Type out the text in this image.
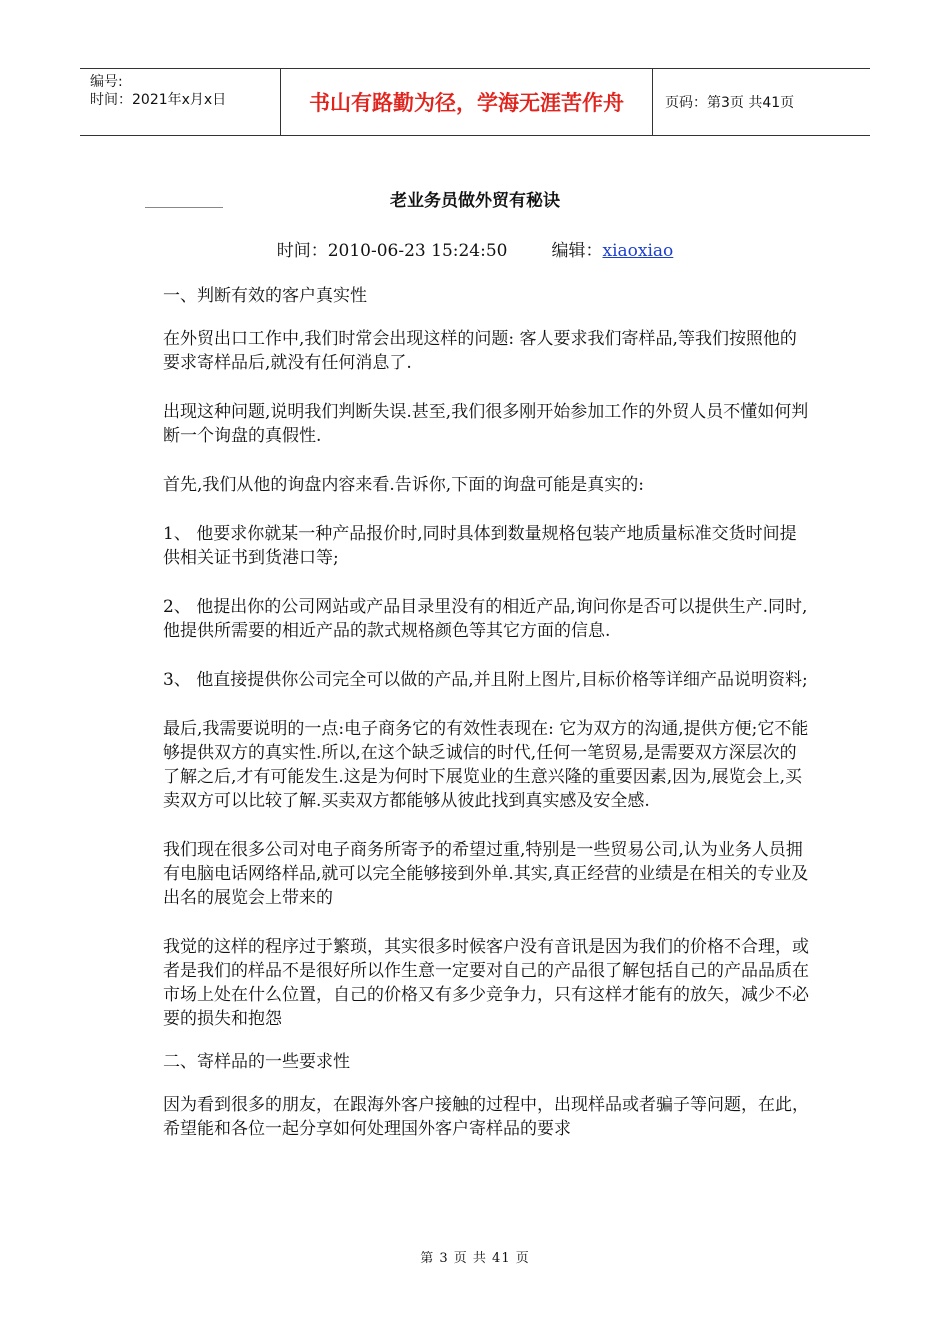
编号:
时间：2021年x月x日	书山有路勤为径，学海无涯苦作舟	页码：第3页 共41页
老业务员做外贸有秘诀
时间：2010-06-23 15:24:50	编辑：xiaoxiao

一、判断有效的客户真实性

在外贸出口工作中,我们时常会出现这样的问题: 客人要求我们寄样品,等我们按照他的要求寄样品后,就没有任何消息了.

出现这种问题,说明我们判断失误.甚至,我们很多刚开始参加工作的外贸人员不懂如何判断一个询盘的真假性.

首先,我们从他的询盘内容来看.告诉你,下面的询盘可能是真实的:

1、 他要求你就某一种产品报价时,同时具体到数量规格包装产地质量标准交货时间提供相关证书到货港口等;

2、 他提出你的公司网站或产品目录里没有的相近产品,询问你是否可以提供生产.同时,他提供所需要的相近产品的款式规格颜色等其它方面的信息.

3、 他直接提供你公司完全可以做的产品,并且附上图片,目标价格等详细产品说明资料;

最后,我需要说明的一点:电子商务它的有效性表现在: 它为双方的沟通,提供方便;它不能够提供双方的真实性.所以,在这个缺乏诚信的时代,任何一笔贸易,是需要双方深层次的了解之后,才有可能发生.这是为何时下展览业的生意兴隆的重要因素,因为,展览会上,买卖双方可以比较了解.买卖双方都能够从彼此找到真实感及安全感.

我们现在很多公司对电子商务所寄予的希望过重,特别是一些贸易公司,认为业务人员拥有电脑电话网络样品,就可以完全能够接到外单.其实,真正经营的业绩是在相关的专业及出名的展览会上带来的

我觉的这样的程序过于繁琐，其实很多时候客户没有音讯是因为我们的价格不合理，或者是我们的样品不是很好所以作生意一定要对自己的产品很了解包括自己的产品品质在市场上处在什么位置，自己的价格又有多少竞争力，只有这样才能有的放矢，减少不必要的损失和抱怨

二、寄样品的一些要求性

因为看到很多的朋友，在跟海外客户接触的过程中，出现样品或者骗子等问题，在此，希望能和各位一起分享如何处理国外客户寄样品的要求

第 3 页 共 41 页
